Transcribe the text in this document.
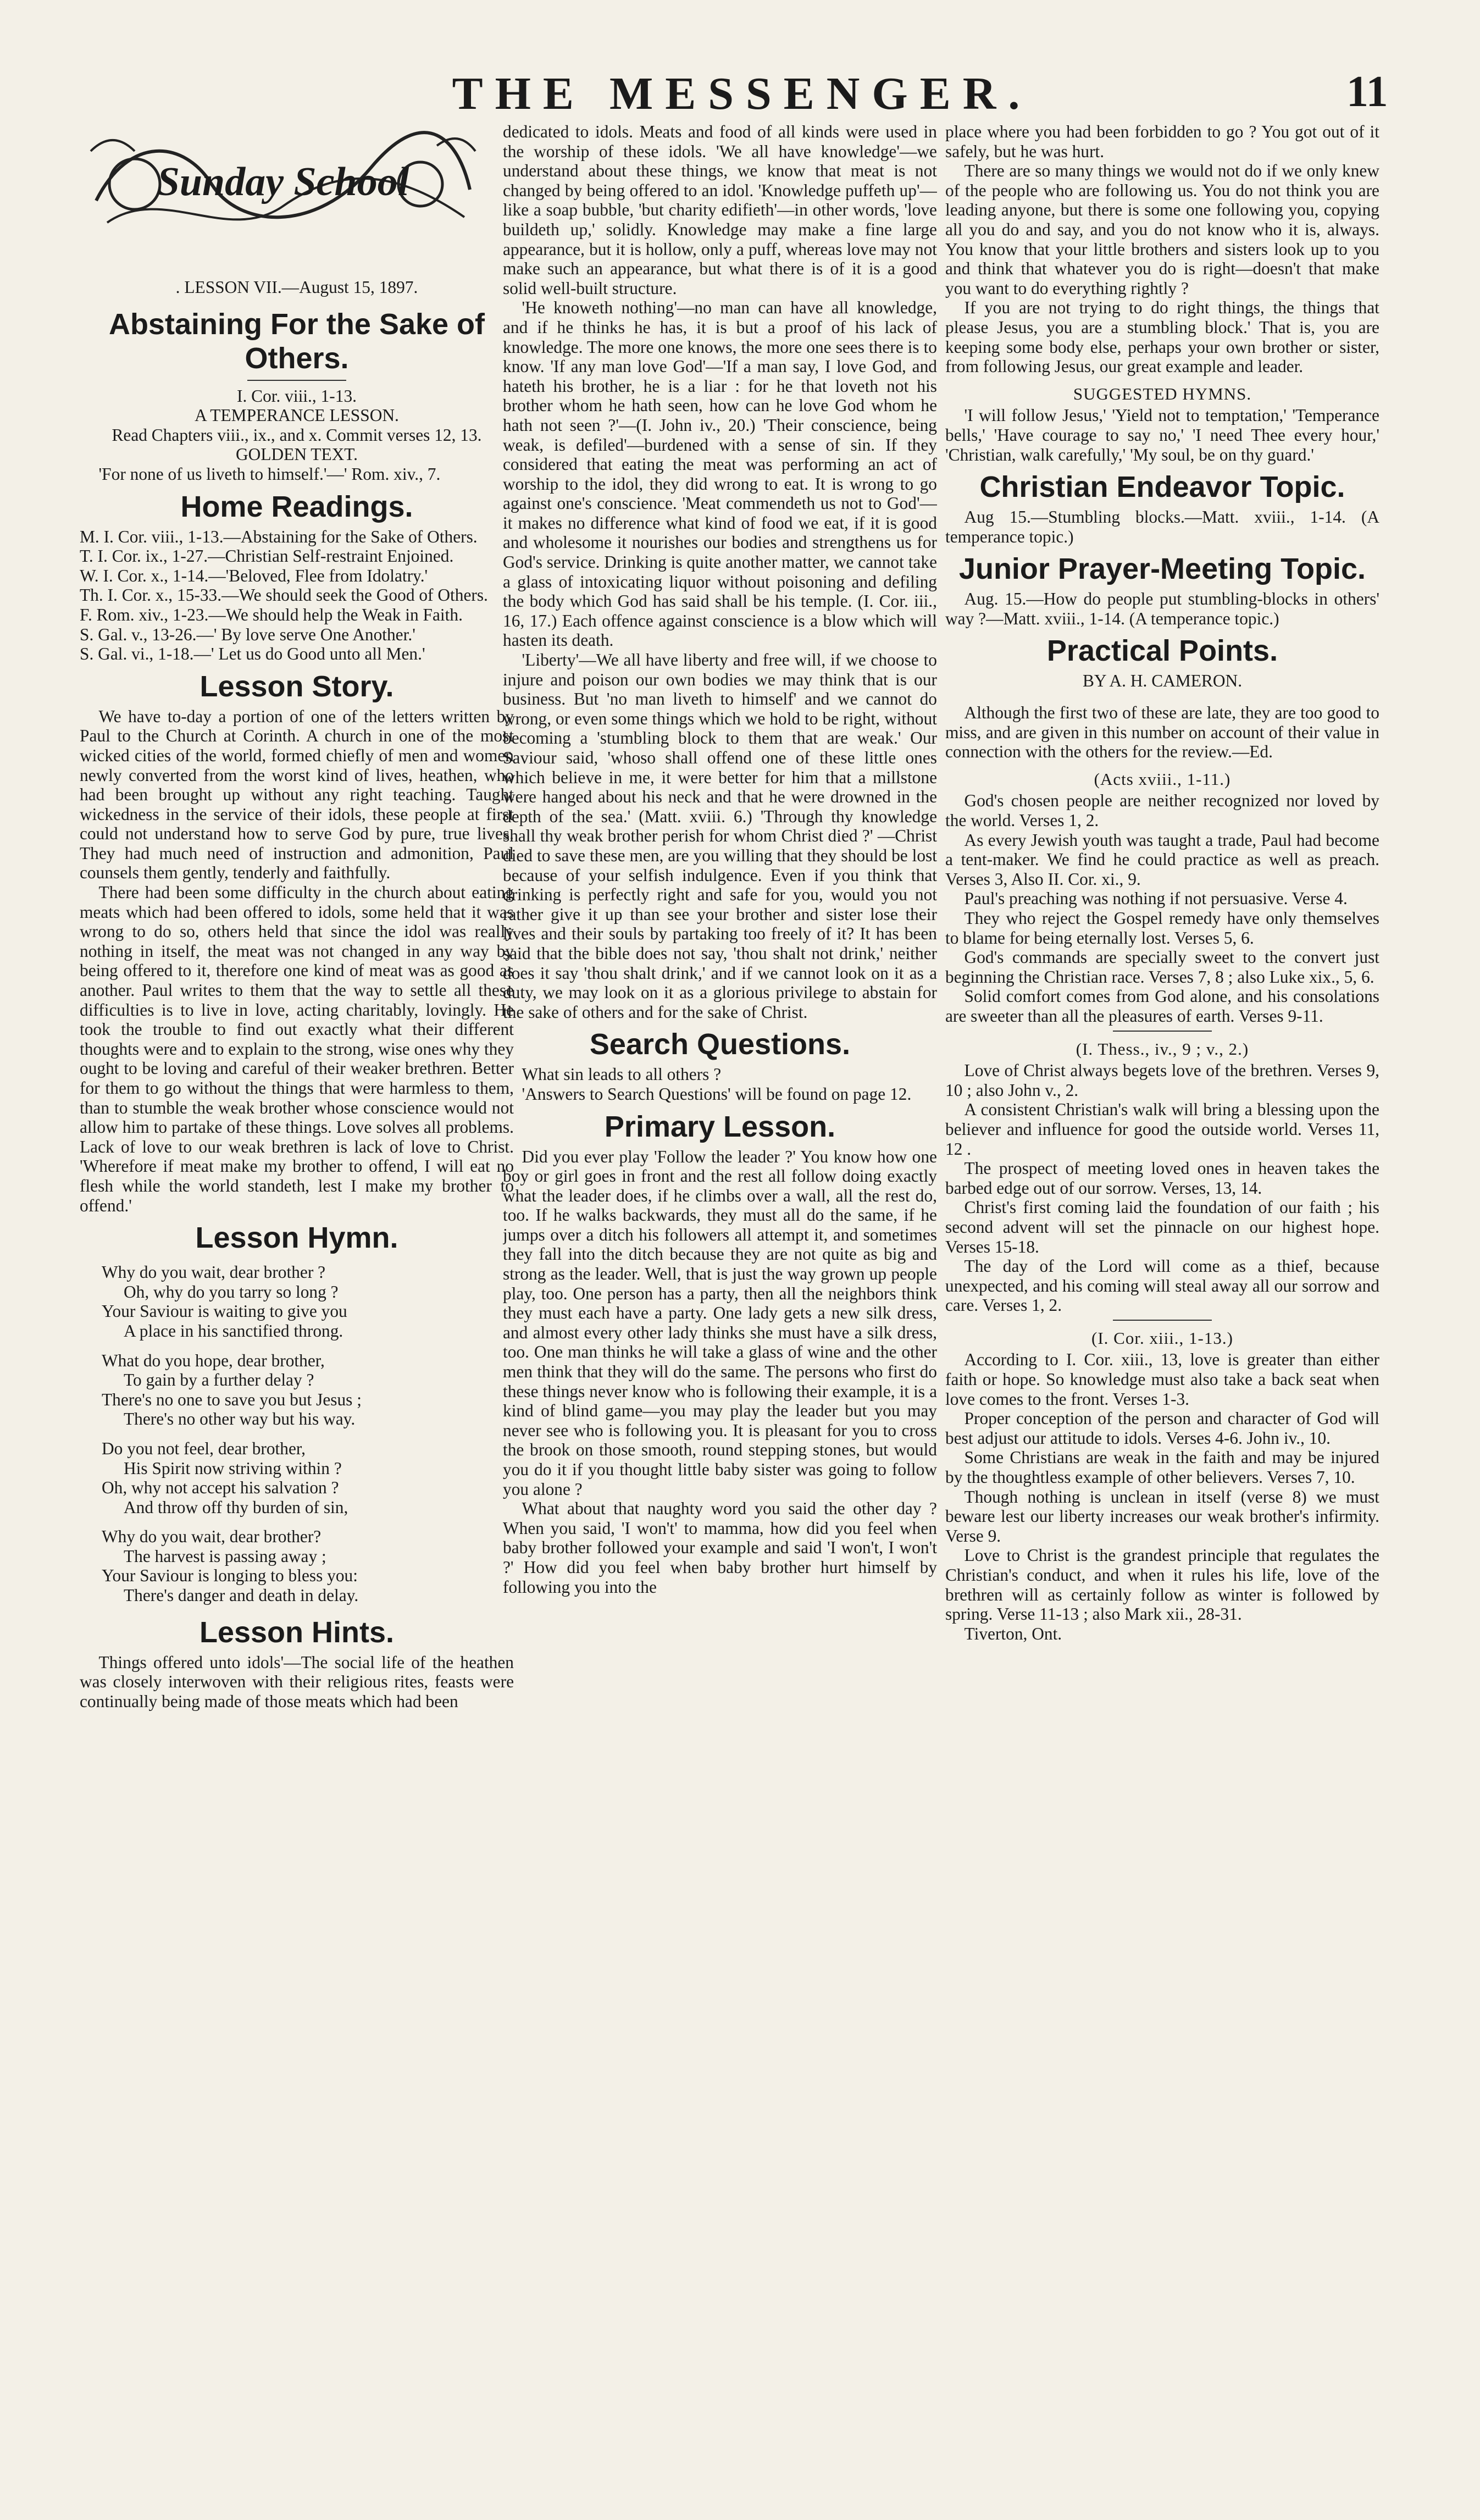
THE MESSENGER.	11
Sunday School

. LESSON VII.—August 15, 1897.

Abstaining For the Sake of Others.

I. Cor. viii., 1-13.

A TEMPERANCE LESSON.

Read Chapters viii., ix., and x. Commit verses 12, 13.

GOLDEN TEXT.

'For none of us liveth to himself.'—' Rom. xiv., 7.

Home Readings.

M. I. Cor. viii., 1-13.—Abstaining for the Sake of Others.

T. I. Cor. ix., 1-27.—Christian Self-restraint Enjoined.

W. I. Cor. x., 1-14.—'Beloved, Flee from Idolatry.'

Th. I. Cor. x., 15-33.—We should seek the Good of Others.

F. Rom. xiv., 1-23.—We should help the Weak in Faith.

S. Gal. v., 13-26.—' By love serve One Another.'

S. Gal. vi., 1-18.—' Let us do Good unto all Men.'

Lesson Story.

We have to-day a portion of one of the letters written by Paul to the Church at Corinth. A church in one of the most wicked cities of the world, formed chiefly of men and women newly converted from the worst kind of lives, heathen, who had been brought up without any right teaching. Taught wickedness in the service of their idols, these people at first could not understand how to serve God by pure, true lives. They had much need of instruction and admonition, Paul counsels them gently, tenderly and faithfully.

There had been some difficulty in the church about eating meats which had been offered to idols, some held that it was wrong to do so, others held that since the idol was really nothing in itself, the meat was not changed in any way by being offered to it, therefore one kind of meat was as good as another. Paul writes to them that the way to settle all these difficulties is to live in love, acting charitably, lovingly. He took the trouble to find out exactly what their different thoughts were and to explain to the strong, wise ones why they ought to be loving and careful of their weaker brethren. Better for them to go without the things that were harmless to them, than to stumble the weak brother whose conscience would not allow him to partake of these things. Love solves all problems. Lack of love to our weak brethren is lack of love to Christ. 'Wherefore if meat make my brother to offend, I will eat no flesh while the world standeth, lest I make my brother to offend.'

Lesson Hymn.
Why do you wait, dear brother ?
Oh, why do you tarry so long ?
Your Saviour is waiting to give you
A place in his sanctified throng.
What do you hope, dear brother,
To gain by a further delay ?
There's no one to save you but Jesus ;
There's no other way but his way.
Do you not feel, dear brother,
His Spirit now striving within ?
Oh, why not accept his salvation ?
And throw off thy burden of sin,
Why do you wait, dear brother?
The harvest is passing away ;
Your Saviour is longing to bless you:
There's danger and death in delay.
Lesson Hints.

Things offered unto idols'—The social life of the heathen was closely interwoven with their religious rites, feasts were continually being made of those meats which had been

dedicated to idols. Meats and food of all kinds were used in the worship of these idols. 'We all have knowledge'—we understand about these things, we know that meat is not changed by being offered to an idol. 'Knowledge puffeth up'—like a soap bubble, 'but charity edifieth'—in other words, 'love buildeth up,' solidly. Knowledge may make a fine large appearance, but it is hollow, only a puff, whereas love may not make such an appearance, but what there is of it is a good solid well-built structure.

'He knoweth nothing'—no man can have all knowledge, and if he thinks he has, it is but a proof of his lack of knowledge. The more one knows, the more one sees there is to know. 'If any man love God'—'If a man say, I love God, and hateth his brother, he is a liar : for he that loveth not his brother whom he hath seen, how can he love God whom he hath not seen ?'—(I. John iv., 20.) 'Their conscience, being weak, is defiled'—burdened with a sense of sin. If they considered that eating the meat was performing an act of worship to the idol, they did wrong to eat. It is wrong to go against one's conscience. 'Meat commendeth us not to God'—it makes no difference what kind of food we eat, if it is good and wholesome it nourishes our bodies and strengthens us for God's service. Drinking is quite another matter, we cannot take a glass of intoxicating liquor without poisoning and defiling the body which God has said shall be his temple. (I. Cor. iii., 16, 17.) Each offence against conscience is a blow which will hasten its death.

'Liberty'—We all have liberty and free will, if we choose to injure and poison our own bodies we may think that is our business. But 'no man liveth to himself' and we cannot do wrong, or even some things which we hold to be right, without becoming a 'stumbling block to them that are weak.' Our Saviour said, 'whoso shall offend one of these little ones which believe in me, it were better for him that a millstone were hanged about his neck and that he were drowned in the depth of the sea.' (Matt. xviii. 6.) 'Through thy knowledge shall thy weak brother perish for whom Christ died ?' —Christ died to save these men, are you willing that they should be lost because of your selfish indulgence. Even if you think that drinking is perfectly right and safe for you, would you not rather give it up than see your brother and sister lose their lives and their souls by partaking too freely of it? It has been said that the bible does not say, 'thou shalt not drink,' neither does it say 'thou shalt drink,' and if we cannot look on it as a duty, we may look on it as a glorious privilege to abstain for the sake of others and for the sake of Christ.

Search Questions.

What sin leads to all others ?

'Answers to Search Questions' will be found on page 12.

Primary Lesson.

Did you ever play 'Follow the leader ?' You know how one boy or girl goes in front and the rest all follow doing exactly what the leader does, if he climbs over a wall, all the rest do, too. If he walks backwards, they must all do the same, if he jumps over a ditch his followers all attempt it, and sometimes they fall into the ditch because they are not quite as big and strong as the leader. Well, that is just the way grown up people play, too. One person has a party, then all the neighbors think they must each have a party. One lady gets a new silk dress, and almost every other lady thinks she must have a silk dress, too. One man thinks he will take a glass of wine and the other men think that they will do the same. The persons who first do these things never know who is following their example, it is a kind of blind game—you may play the leader but you may never see who is following you. It is pleasant for you to cross the brook on those smooth, round stepping stones, but would you do it if you thought little baby sister was going to follow you alone ?

What about that naughty word you said the other day ? When you said, 'I won't' to mamma, how did you feel when baby brother followed your example and said 'I won't, I won't ?' How did you feel when baby brother hurt himself by following you into the

place where you had been forbidden to go ? You got out of it safely, but he was hurt.

There are so many things we would not do if we only knew of the people who are following us. You do not think you are leading anyone, but there is some one following you, copying all you do and say, and you do not know who it is, always. You know that your little brothers and sisters look up to you and think that whatever you do is right—doesn't that make you want to do everything rightly ?

If you are not trying to do right things, the things that please Jesus, you are a stumbling block.' That is, you are keeping some body else, perhaps your own brother or sister, from following Jesus, our great example and leader.

SUGGESTED HYMNS.

'I will follow Jesus,' 'Yield not to temptation,' 'Temperance bells,' 'Have courage to say no,' 'I need Thee every hour,' 'Christian, walk carefully,' 'My soul, be on thy guard.'

Christian Endeavor Topic.

Aug 15.—Stumbling blocks.—Matt. xviii., 1-14. (A temperance topic.)

Junior Prayer-Meeting Topic.

Aug. 15.—How do people put stumbling-blocks in others' way ?—Matt. xviii., 1-14. (A temperance topic.)

Practical Points.

BY A. H. CAMERON.

Although the first two of these are late, they are too good to miss, and are given in this number on account of their value in connection with the others for the review.—Ed.

(Acts xviii., 1-11.)

God's chosen people are neither recognized nor loved by the world. Verses 1, 2.

As every Jewish youth was taught a trade, Paul had become a tent-maker. We find he could practice as well as preach. Verses 3, Also II. Cor. xi., 9.

Paul's preaching was nothing if not persuasive. Verse 4.

They who reject the Gospel remedy have only themselves to blame for being eternally lost. Verses 5, 6.

God's commands are specially sweet to the convert just beginning the Christian race. Verses 7, 8 ; also Luke xix., 5, 6.

Solid comfort comes from God alone, and his consolations are sweeter than all the pleasures of earth. Verses 9-11.

(I. Thess., iv., 9 ; v., 2.)

Love of Christ always begets love of the brethren. Verses 9, 10 ; also John v., 2.

A consistent Christian's walk will bring a blessing upon the believer and influence for good the outside world. Verses 11, 12 .

The prospect of meeting loved ones in heaven takes the barbed edge out of our sorrow. Verses, 13, 14.

Christ's first coming laid the foundation of our faith ; his second advent will set the pinnacle on our highest hope. Verses 15-18.

The day of the Lord will come as a thief, because unexpected, and his coming will steal away all our sorrow and care. Verses 1, 2.

(I. Cor. xiii., 1-13.)

According to I. Cor. xiii., 13, love is greater than either faith or hope. So knowledge must also take a back seat when love comes to the front. Verses 1-3.

Proper conception of the person and character of God will best adjust our attitude to idols. Verses 4-6. John iv., 10.

Some Christians are weak in the faith and may be injured by the thoughtless example of other believers. Verses 7, 10.

Though nothing is unclean in itself (verse 8) we must beware lest our liberty increases our weak brother's infirmity. Verse 9.

Love to Christ is the grandest principle that regulates the Christian's conduct, and when it rules his life, love of the brethren will as certainly follow as winter is followed by spring. Verse 11-13 ; also Mark xii., 28-31.

Tiverton, Ont.
